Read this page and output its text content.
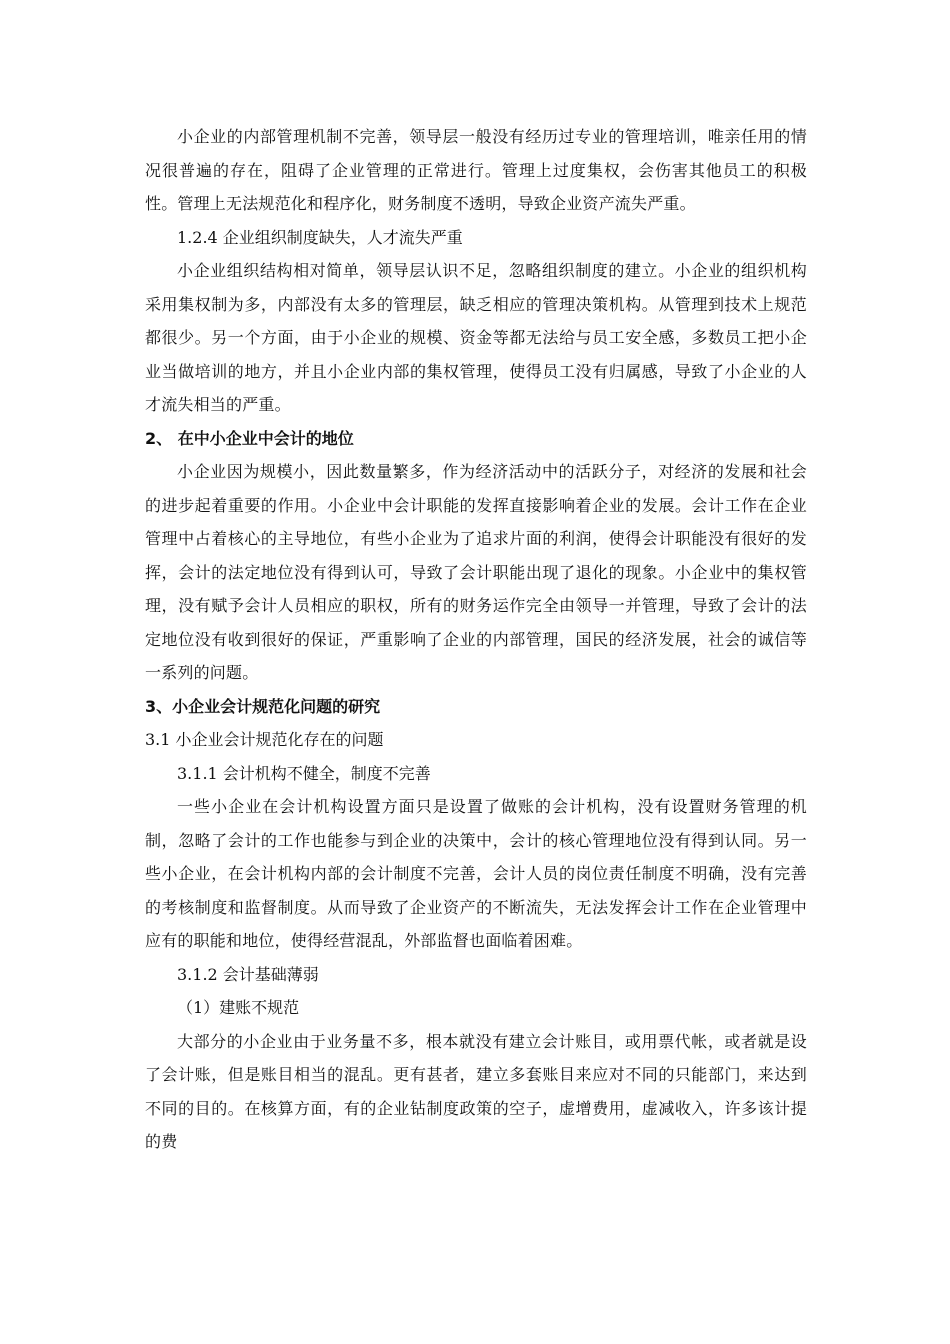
小企业的内部管理机制不完善，领导层一般没有经历过专业的管理培训，唯亲任用的情况很普遍的存在，阻碍了企业管理的正常进行。管理上过度集权，会伤害其他员工的积极性。管理上无法规范化和程序化，财务制度不透明，导致企业资产流失严重。

1.2.4 企业组织制度缺失，人才流失严重

小企业组织结构相对简单，领导层认识不足，忽略组织制度的建立。小企业的组织机构采用集权制为多，内部没有太多的管理层，缺乏相应的管理决策机构。从管理到技术上规范都很少。另一个方面，由于小企业的规模、资金等都无法给与员工安全感，多数员工把小企业当做培训的地方，并且小企业内部的集权管理，使得员工没有归属感，导致了小企业的人才流失相当的严重。

2、 在中小企业中会计的地位

小企业因为规模小，因此数量繁多，作为经济活动中的活跃分子，对经济的发展和社会的进步起着重要的作用。小企业中会计职能的发挥直接影响着企业的发展。会计工作在企业管理中占着核心的主导地位，有些小企业为了追求片面的利润，使得会计职能没有很好的发挥，会计的法定地位没有得到认可，导致了会计职能出现了退化的现象。小企业中的集权管理，没有赋予会计人员相应的职权，所有的财务运作完全由领导一并管理，导致了会计的法定地位没有收到很好的保证，严重影响了企业的内部管理，国民的经济发展，社会的诚信等一系列的问题。

3、小企业会计规范化问题的研究

3.1 小企业会计规范化存在的问题

3.1.1 会计机构不健全，制度不完善

一些小企业在会计机构设置方面只是设置了做账的会计机构，没有设置财务管理的机制，忽略了会计的工作也能参与到企业的决策中，会计的核心管理地位没有得到认同。另一些小企业，在会计机构内部的会计制度不完善，会计人员的岗位责任制度不明确，没有完善的考核制度和监督制度。从而导致了企业资产的不断流失，无法发挥会计工作在企业管理中应有的职能和地位，使得经营混乱，外部监督也面临着困难。

3.1.2 会计基础薄弱

（1）建账不规范

大部分的小企业由于业务量不多，根本就没有建立会计账目，或用票代帐，或者就是设了会计账，但是账目相当的混乱。更有甚者，建立多套账目来应对不同的只能部门，来达到不同的目的。在核算方面，有的企业钻制度政策的空子，虚增费用，虚减收入，许多该计提的费
